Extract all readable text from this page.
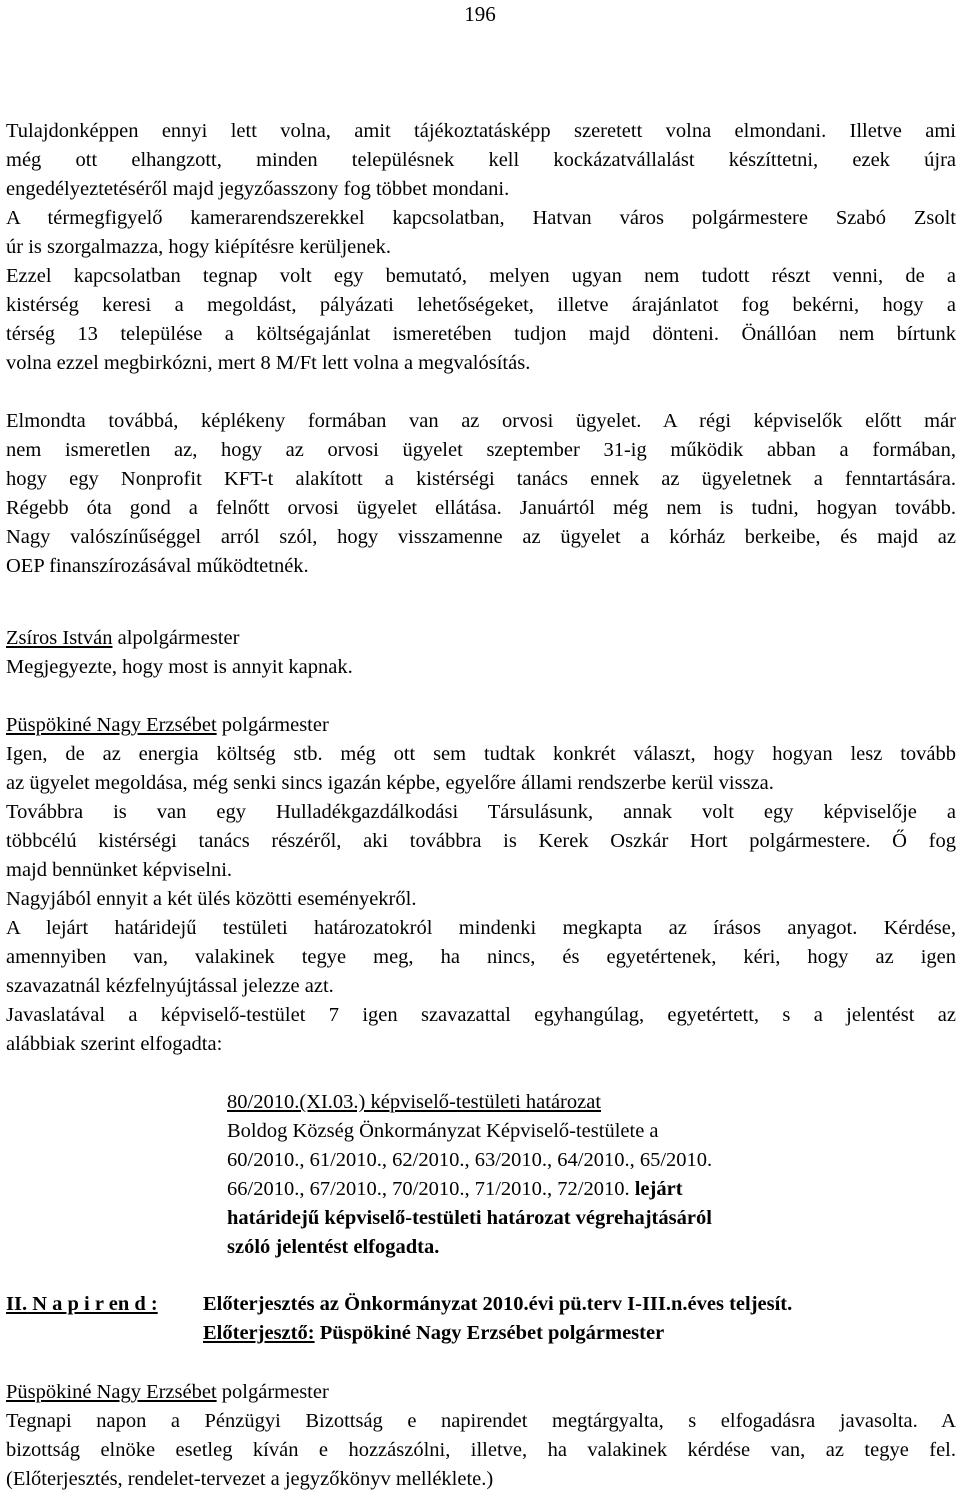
196
Tulajdonképpen ennyi lett volna, amit tájékoztatásképp szeretett volna elmondani. Illetve ami
még ott elhangzott, minden településnek kell kockázatvállalást készíttetni, ezek újra
engedélyeztetéséről majd jegyzőasszony fog többet mondani.
A térmegfigyelő kamerarendszerekkel kapcsolatban, Hatvan város polgármestere Szabó Zsolt
úr is szorgalmazza, hogy kiépítésre kerüljenek.
Ezzel kapcsolatban tegnap volt egy bemutató, melyen ugyan nem tudott részt venni, de a
kistérség keresi a megoldást, pályázati lehetőségeket, illetve árajánlatot fog bekérni, hogy a
térség 13 települése a költségajánlat ismeretében tudjon majd dönteni. Önállóan nem bírtunk
volna ezzel megbirkózni, mert 8 M/Ft lett volna a megvalósítás.
Elmondta továbbá, képlékeny formában van az orvosi ügyelet. A régi képviselők előtt már
nem ismeretlen az, hogy az orvosi ügyelet szeptember 31-ig működik abban a formában,
hogy egy Nonprofit KFT-t alakított a kistérségi tanács ennek az ügyeletnek a fenntartására.
Régebb óta gond a felnőtt orvosi ügyelet ellátása. Januártól még nem is tudni, hogyan tovább.
Nagy valószínűséggel arról szól, hogy visszamenne az ügyelet a kórház berkeibe, és majd az
OEP finanszírozásával működtetnék.
Zsíros István alpolgármester
Megjegyezte, hogy most is annyit kapnak.
Püspökiné Nagy Erzsébet polgármester
Igen, de az energia költség stb. még ott sem tudtak konkrét választ, hogy hogyan lesz tovább
az ügyelet megoldása, még senki sincs igazán képbe, egyelőre állami rendszerbe kerül vissza.
Továbbra is van egy Hulladékgazdálkodási Társulásunk, annak volt egy képviselője a
többcélú kistérségi tanács részéről, aki továbbra is Kerek Oszkár Hort polgármestere. Ő fog
majd bennünket képviselni.
Nagyjából ennyit a két ülés közötti eseményekről.
A lejárt határidejű testületi határozatokról mindenki megkapta az írásos anyagot. Kérdése,
amennyiben van, valakinek tegye meg, ha nincs, és egyetértenek, kéri, hogy az igen
szavazatnál kézfelnyújtással jelezze azt.
Javaslatával a képviselő-testület 7 igen szavazattal egyhangúlag, egyetértett, s a jelentést az
alábbiak szerint elfogadta:
80/2010.(XI.03.) képviselő-testületi határozat
Boldog Község Önkormányzat Képviselő-testülete a
60/2010., 61/2010., 62/2010., 63/2010., 64/2010., 65/2010.
66/2010., 67/2010., 70/2010., 71/2010., 72/2010. lejárt
határidejű képviselő-testületi határozat végrehajtásáról
szóló jelentést elfogadta.
II. N a p i r en d :	Előterjesztés az Önkormányzat 2010.évi pü.terv I-III.n.éves teljesít.
Előterjesztő: Püspökiné Nagy Erzsébet polgármester
Püspökiné Nagy Erzsébet polgármester
Tegnapi napon a Pénzügyi Bizottság e napirendet megtárgyalta, s elfogadásra javasolta. A
bizottság elnöke esetleg kíván e hozzászólni, illetve, ha valakinek kérdése van, az tegye fel.
(Előterjesztés, rendelet-tervezet a jegyzőkönyv melléklete.)
